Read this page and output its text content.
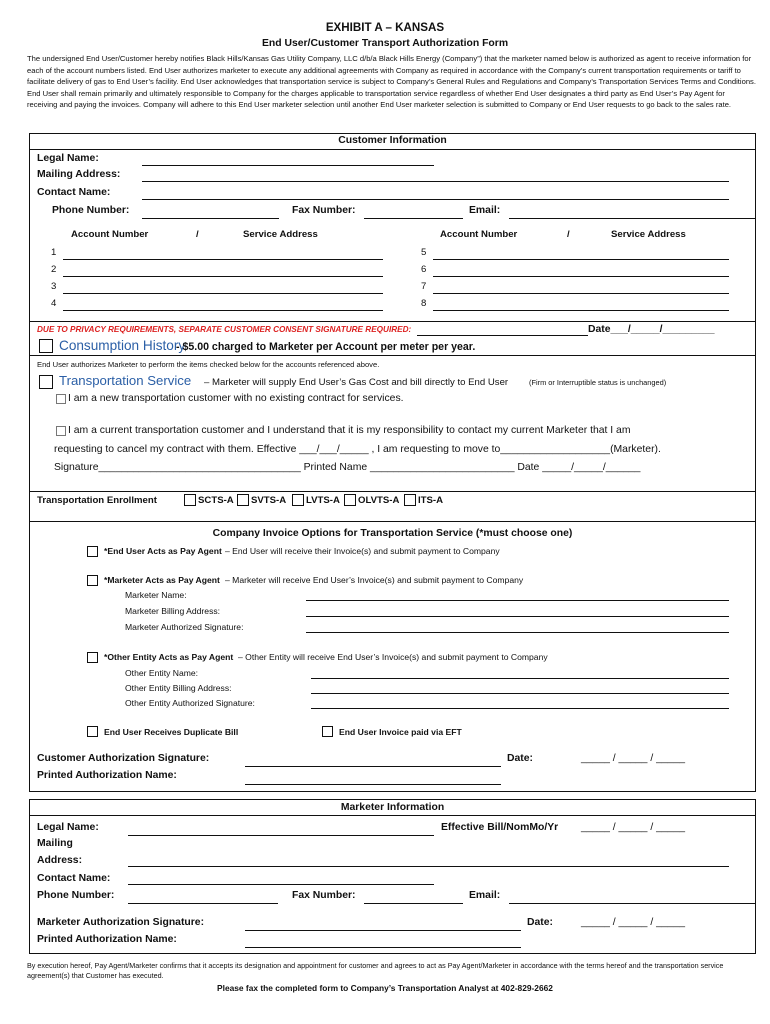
EXHIBIT A – KANSAS
End User/Customer Transport Authorization Form
The undersigned End User/Customer hereby notifies Black Hills/Kansas Gas Utility Company, LLC d/b/a Black Hills Energy (Company”) that the marketer named below is authorized as agent to receive information for each of the account numbers listed. End User authorizes marketer to execute any additional agreements with Company as required in accordance with the Company’s current transportation requirements or tariff to facilitate delivery of gas to End User’s facility. End User acknowledges that transportation service is subject to Company’s General Rules and Regulations and Company’s Transportation Services Terms and Conditions. End User shall remain primarily and ultimately responsible to Company for the charges applicable to transportation service regardless of whether End User designates a third party as End User’s Pay Agent for receiving and paying the invoices. Company will adhere to this End User marketer selection until another End User marketer selection is submitted to Company or End User requests to go back to the sales rate.
Customer Information
Legal Name:
Mailing Address:
Contact Name:
Phone Number:	Fax Number:	Email:
Account Number	/	Service Address	Account Number	/	Service Address
1
2
3
4
5
6
7
8
DUE TO PRIVACY REQUIREMENTS, SEPARATE CUSTOMER CONSENT SIGNATURE REQUIRED:	Date___/_____/_________
Consumption History
- $5.00 charged to Marketer per Account per meter per year.
End User authorizes Marketer to perform the items checked below for the accounts referenced above.
Transportation Service – Marketer will supply End User’s Gas Cost and bill directly to End User	(Firm or Interruptible status is unchanged)
I am a new transportation customer with no existing contract for services.
I am a current transportation customer and I understand that it is my responsibility to contact my current Marketer that I am
requesting to cancel my contract with them. Effective ___/___/_____ , I am requesting to move to___________________(Marketer).
Signature___________________________________ Printed Name _________________________ Date _____/_____/______
Transportation Enrollment	SCTS-A SVTS-A LVTS-A OLVTS-A ITS-A
Company Invoice Options for Transportation Service (*must choose one)
*End User Acts as Pay Agent – End User will receive their Invoice(s) and submit payment to Company
*Marketer Acts as Pay Agent – Marketer will receive End User’s Invoice(s) and submit payment to Company
Marketer Name:
Marketer Billing Address:
Marketer Authorized Signature:
*Other Entity Acts as Pay Agent – Other Entity will receive End User’s Invoice(s) and submit payment to Company
Other Entity Name:
Other Entity Billing Address:
Other Entity Authorized Signature:
End User Receives Duplicate Bill	End User Invoice paid via EFT
Customer Authorization Signature:	Date:	_____ / _____ / _____
Printed Authorization Name:
Marketer Information
Legal Name:	Effective Bill/NomMo/Yr _____ / _____ / _____
Mailing
Address:
Contact Name:
Phone Number:	Fax Number:	Email:
Marketer Authorization Signature:	Date:	_____ / _____ / _____
Printed Authorization Name:
By execution hereof, Pay Agent/Marketer confirms that it accepts its designation and appointment for customer and agrees to act as Pay Agent/Marketer in accordance with the terms hereof and the transportation service agreement(s) that Customer has executed.
Please fax the completed form to Company’s Transportation Analyst at 402-829-2662
